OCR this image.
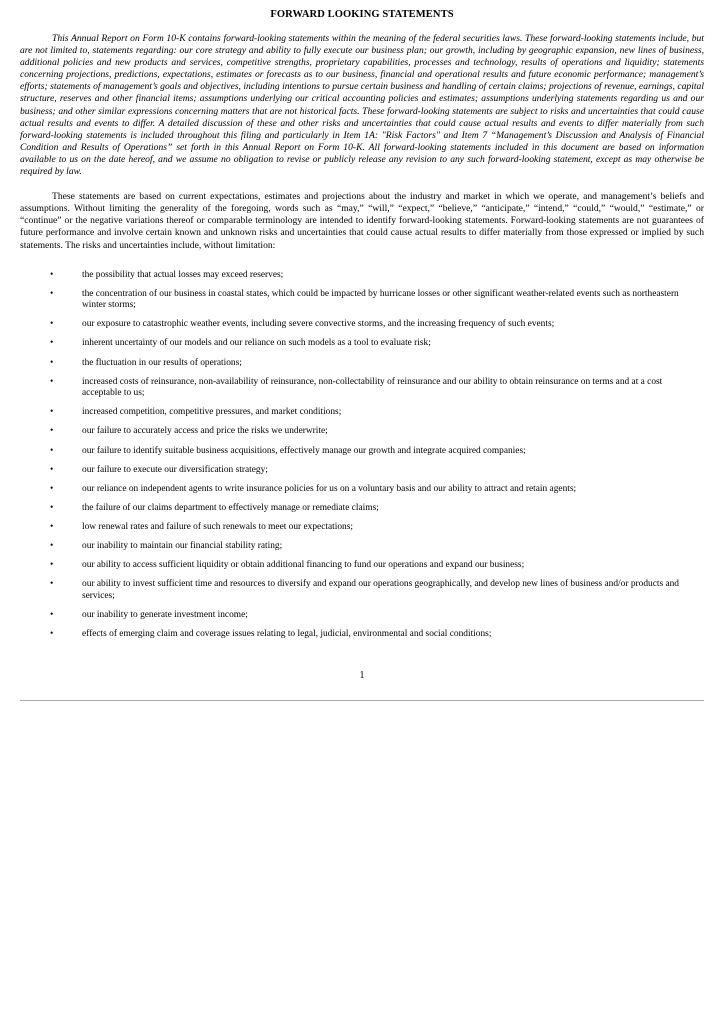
FORWARD LOOKING STATEMENTS

This Annual Report on Form 10-K contains forward-looking statements within the meaning of the federal securities laws. These forward-looking statements include, but are not limited to, statements regarding: our core strategy and ability to fully execute our business plan; our growth, including by geographic expansion, new lines of business, additional policies and new products and services, competitive strengths, proprietary capabilities, processes and technology, results of operations and liquidity; statements concerning projections, predictions, expectations, estimates or forecasts as to our business, financial and operational results and future economic performance; management’s efforts; statements of management’s goals and objectives, including intentions to pursue certain business and handling of certain claims; projections of revenue, earnings, capital structure, reserves and other financial items; assumptions underlying our critical accounting policies and estimates; assumptions underlying statements regarding us and our business; and other similar expressions concerning matters that are not historical facts. These forward-looking statements are subject to risks and uncertainties that could cause actual results and events to differ. A detailed discussion of these and other risks and uncertainties that could cause actual results and events to differ materially from such forward-looking statements is included throughout this filing and particularly in Item 1A: "Risk Factors" and Item 7 “Management’s Discussion and Analysis of Financial Condition and Results of Operations” set forth in this Annual Report on Form 10-K. All forward-looking statements included in this document are based on information available to us on the date hereof, and we assume no obligation to revise or publicly release any revision to any such forward-looking statement, except as may otherwise be required by law.

These statements are based on current expectations, estimates and projections about the industry and market in which we operate, and management’s beliefs and assumptions. Without limiting the generality of the foregoing, words such as “may,” “will,” “expect,” “believe,” “anticipate,” “intend,” “could,” “would,” “estimate,” or “continue” or the negative variations thereof or comparable terminology are intended to identify forward-looking statements. Forward-looking statements are not guarantees of future performance and involve certain known and unknown risks and uncertainties that could cause actual results to differ materially from those expressed or implied by such statements. The risks and uncertainties include, without limitation:

•	the possibility that actual losses may exceed reserves;
•	the concentration of our business in coastal states, which could be impacted by hurricane losses or other significant weather-related events such as northeastern winter storms;
•	our exposure to catastrophic weather events, including severe convective storms, and the increasing frequency of such events;
•	inherent uncertainty of our models and our reliance on such models as a tool to evaluate risk;
•	the fluctuation in our results of operations;
•	increased costs of reinsurance, non-availability of reinsurance, non-collectability of reinsurance and our ability to obtain reinsurance on terms and at a cost acceptable to us;
•	increased competition, competitive pressures, and market conditions;
•	our failure to accurately access and price the risks we underwrite;
•	our failure to identify suitable business acquisitions, effectively manage our growth and integrate acquired companies;
•	our failure to execute our diversification strategy;
•	our reliance on independent agents to write insurance policies for us on a voluntary basis and our ability to attract and retain agents;
•	the failure of our claims department to effectively manage or remediate claims;
•	low renewal rates and failure of such renewals to meet our expectations;
•	our inability to maintain our financial stability rating;
•	our ability to access sufficient liquidity or obtain additional financing to fund our operations and expand our business;
•	our ability to invest sufficient time and resources to diversify and expand our operations geographically, and develop new lines of business and/or products and services;
•	our inability to generate investment income;
•	effects of emerging claim and coverage issues relating to legal, judicial, environmental and social conditions;
1
